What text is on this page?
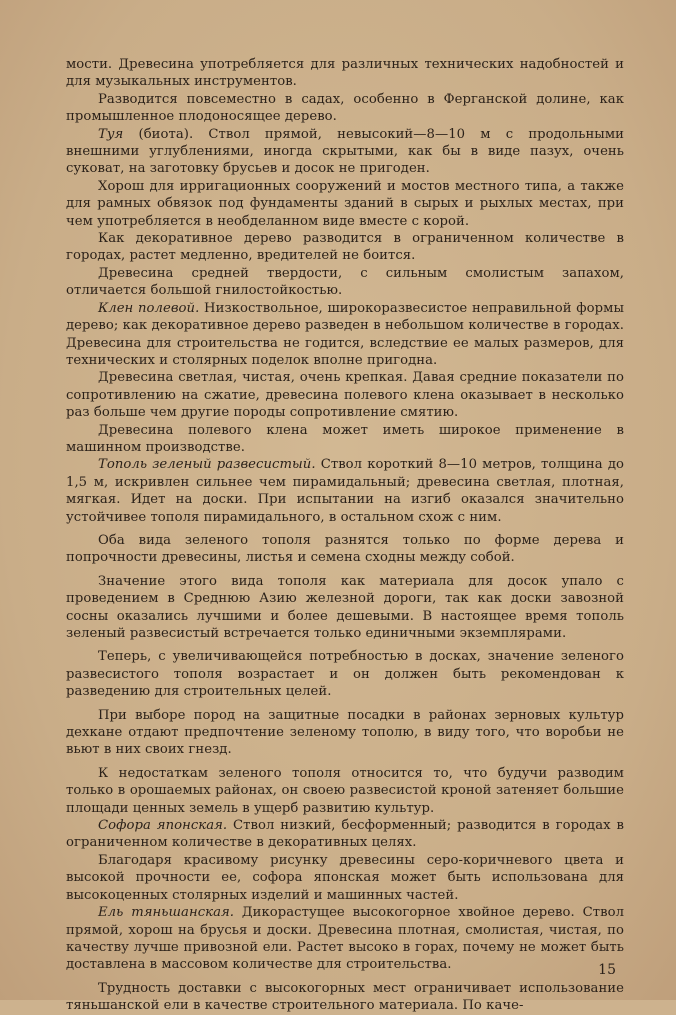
мости. Древесина употребляется для различных технических надобностей и для музыкальных инструментов.

Разводится повсеместно в садах, особенно в Ферганской долине, как промышленное плодоносящее дерево.

Туя (биота). Ствол прямой, невысокий—8—10 м с продольными внешними углублениями, иногда скрытыми, как бы в виде пазух, очень суковат, на заготовку брусьев и досок не пригоден.

Хорош для ирригационных сооружений и мостов местного типа, а также для рамных обвязок под фундаменты зданий в сырых и рыхлых местах, при чем употребляется в необделанном виде вместе с корой.

Как декоративное дерево разводится в ограниченном количестве в городах, растет медленно, вредителей не боится.

Древесина средней твердости, с сильным смолистым запахом, отличается большой гнилостойкостью.

Клен полевой. Низкоствольное, широкоразвесистое неправильной формы дерево; как декоративное дерево разведен в небольшом количестве в городах. Древесина для строительства не годится, вследствие ее малых размеров, для технических и столярных поделок вполне пригодна.

Древесина светлая, чистая, очень крепкая. Давая средние показатели по сопротивлению на сжатие, древесина полевого клена оказывает в несколько раз больше чем другие породы сопротивление смятию.

Древесина полевого клена может иметь широкое применение в машинном производстве.

Тополь зеленый развесистый. Ствол короткий 8—10 метров, толщина до 1,5 м, искривлен сильнее чем пирамидальный; древесина светлая, плотная, мягкая. Идет на доски. При испытании на изгиб оказался значительно устойчивее тополя пирамидального, в остальном схож с ним.

Оба вида зеленого тополя разнятся только по форме дерева и попрочности древесины, листья и семена сходны между собой.

Значение этого вида тополя как материала для досок упало с проведением в Среднюю Азию железной дороги, так как доски завозной сосны оказались лучшими и более дешевыми. В настоящее время тополь зеленый развесистый встречается только единичными экземплярами.

Теперь, с увеличивающейся потребностью в досках, значение зеленого развесистого тополя возрастает и он должен быть рекомендован к разведению для строительных целей.

При выборе пород на защитные посадки в районах зерновых культур дехкане отдают предпочтение зеленому тополю, в виду того, что воробьи не вьют в них своих гнезд.

К недостаткам зеленого тополя относится то, что будучи разводим только в орошаемых районах, он своею развесистой кроной затеняет большие площади ценных земель в ущерб развитию культур.

Софора японская. Ствол низкий, бесформенный; разводится в городах в ограниченном количестве в декоративных целях.

Благодаря красивому рисунку древесины серо-коричневого цвета и высокой прочности ее, софора японская может быть использована для высокоценных столярных изделий и машинных частей.

Ель тяньшанская. Дикорастущее высокогорное хвойное дерево. Ствол прямой, хорош на брусья и доски. Древесина плотная, смолистая, чистая, по качеству лучше привозной ели. Растет высоко в горах, почему не может быть доставлена в массовом количестве для строительства.

Трудность доставки с высокогорных мест ограничивает использование тяньшанской ели в качестве строительного материала. По каче-

15
